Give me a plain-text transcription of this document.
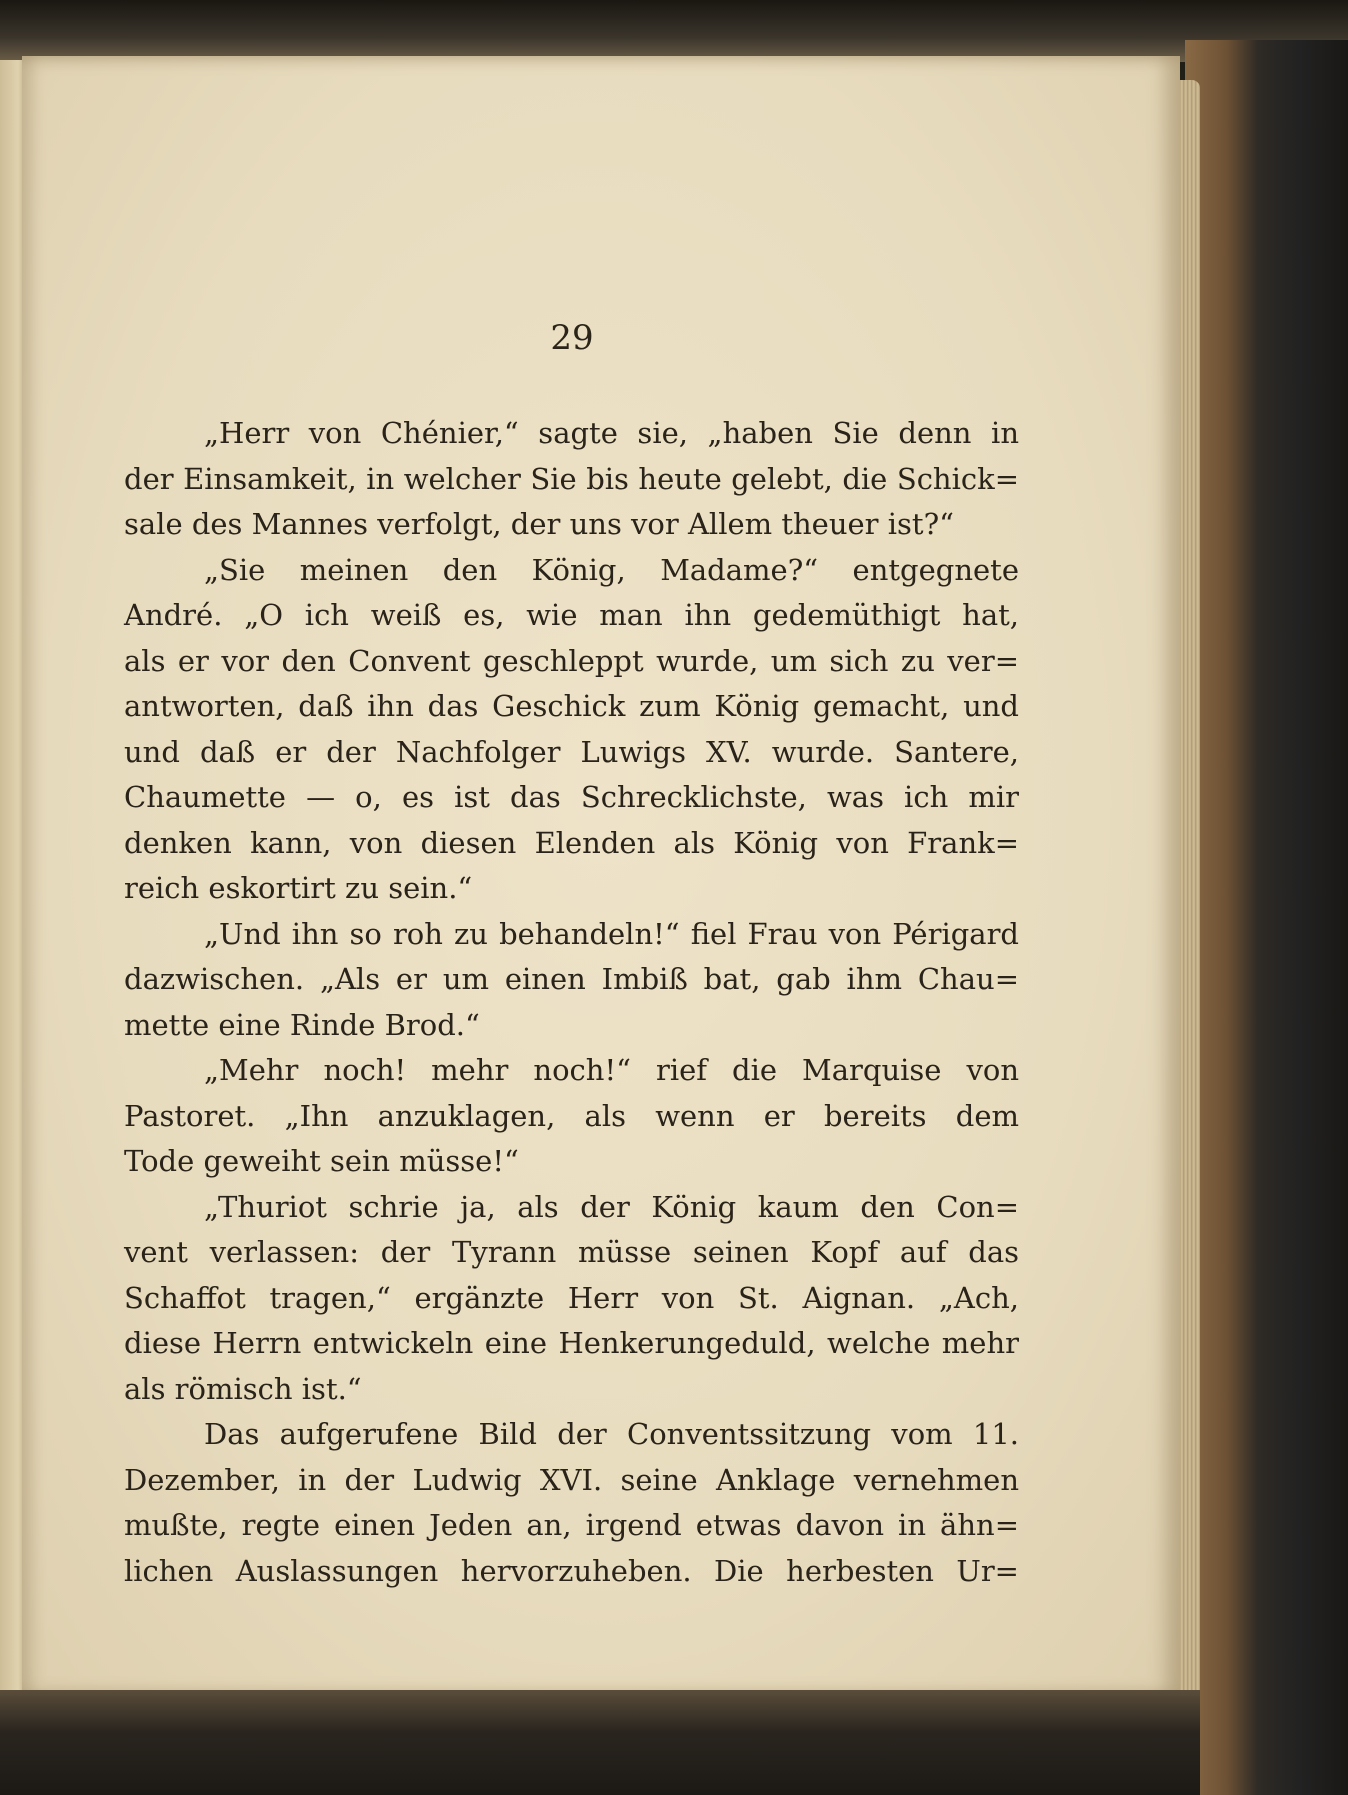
29
„Herr von Chénier,“ sagte sie, „haben Sie denn in
der Einsamkeit, in welcher Sie bis heute gelebt, die Schick=
sale des Mannes verfolgt, der uns vor Allem theuer ist?“
„Sie meinen den König, Madame?“ entgegnete
André. „O ich weiß es, wie man ihn gedemüthigt hat,
als er vor den Convent geschleppt wurde, um sich zu ver=
antworten, daß ihn das Geschick zum König gemacht, und
und daß er der Nachfolger Luwigs XV. wurde. Santere,
Chaumette — o, es ist das Schrecklichste, was ich mir
denken kann, von diesen Elenden als König von Frank=
reich eskortirt zu sein.“
„Und ihn so roh zu behandeln!“ fiel Frau von Périgard
dazwischen. „Als er um einen Imbiß bat, gab ihm Chau=
mette eine Rinde Brod.“
„Mehr noch! mehr noch!“ rief die Marquise von
Pastoret. „Ihn anzuklagen, als wenn er bereits dem
Tode geweiht sein müsse!“
„Thuriot schrie ja, als der König kaum den Con=
vent verlassen: der Tyrann müsse seinen Kopf auf das
Schaffot tragen,“ ergänzte Herr von St. Aignan. „Ach,
diese Herrn entwickeln eine Henkerungeduld, welche mehr
als römisch ist.“
Das aufgerufene Bild der Conventssitzung vom 11.
Dezember, in der Ludwig XVI. seine Anklage vernehmen
mußte, regte einen Jeden an, irgend etwas davon in ähn=
lichen Auslassungen hervorzuheben. Die herbesten Ur=
